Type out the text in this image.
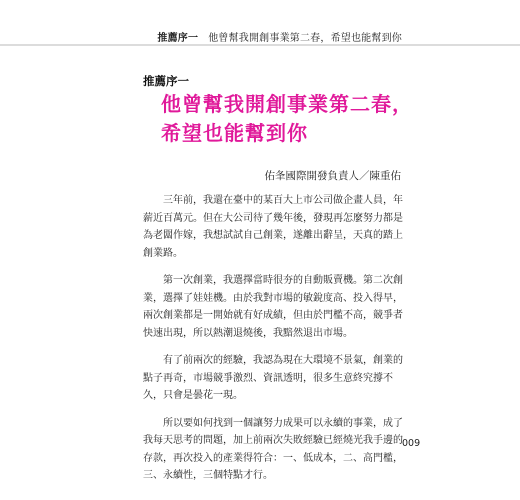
推薦序一 他曾幫我開創事業第二春，希望也能幫到你
推薦序一
他曾幫我開創事業第二春，
希望也能幫到你
佑夆國際開發負責人／陳重佑

三年前，我還在臺中的某百大上市公司做企畫人員，年薪近百萬元。但在大公司待了幾年後，發現再怎麼努力都是為老闆作嫁，我想試試自己創業，遂離出辭呈，天真的踏上創業路。

第一次創業，我選擇當時很夯的自動販賣機。第二次創業，選擇了娃娃機。由於我對市場的敏銳度高、投入得早，兩次創業都是一開始就有好成績，但由於門檻不高，競爭者快速出現，所以熱潮退燒後，我黯然退出市場。

有了前兩次的經驗，我認為現在大環境不景氣，創業的點子再奇，市場競爭激烈、資訊透明，很多生意終究撐不久，只會是曇花一現。

所以要如何找到一個讓努力成果可以永續的事業，成了我每天思考的問題，加上前兩次失敗經驗已經燒光我手邊的存款，再次投入的產業得符合：一、低成本，二、高門檻，三、永續性，三個特點才行。

009
